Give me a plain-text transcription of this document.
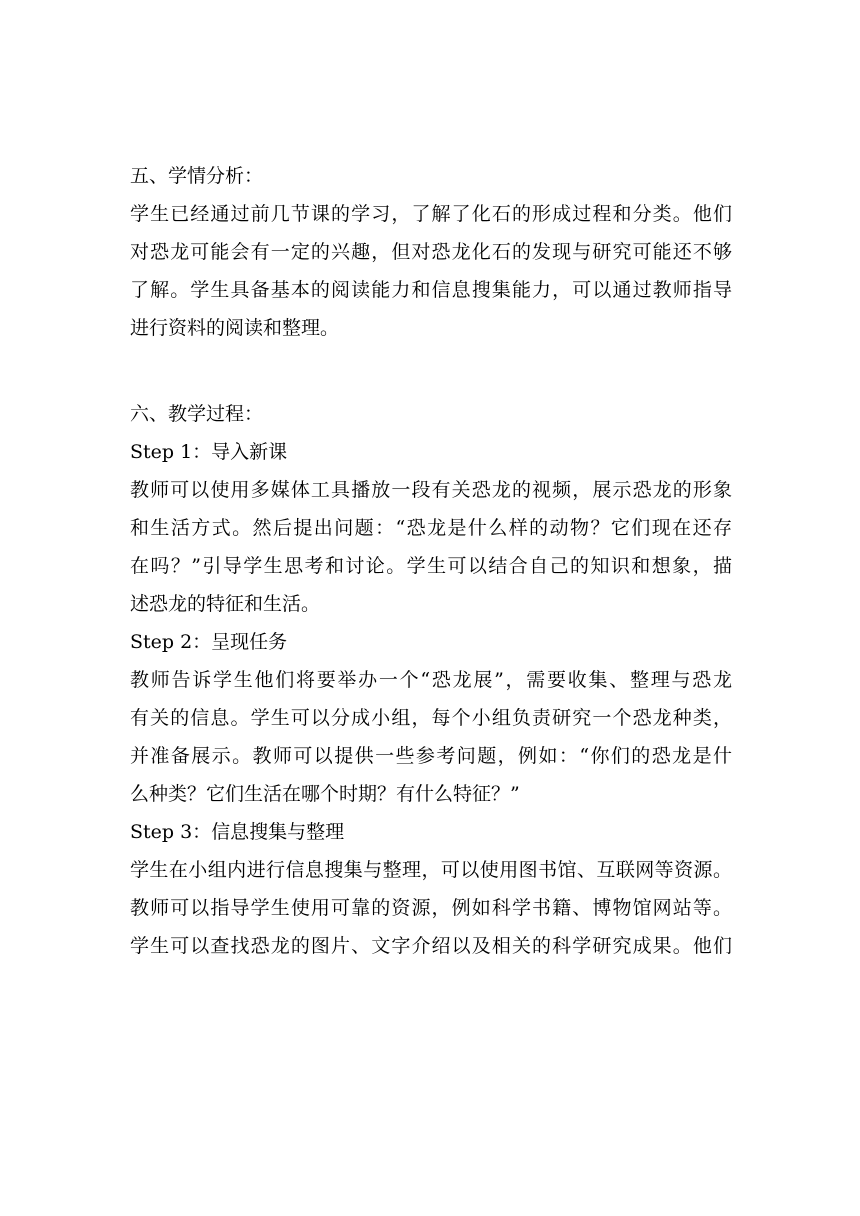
五、学情分析：
学生已经通过前几节课的学习，了解了化石的形成过程和分类。他们
对恐龙可能会有一定的兴趣，但对恐龙化石的发现与研究可能还不够
了解。学生具备基本的阅读能力和信息搜集能力，可以通过教师指导
进行资料的阅读和整理。
六、教学过程：
Step 1：导入新课
教师可以使用多媒体工具播放一段有关恐龙的视频，展示恐龙的形象
和生活方式。然后提出问题：“恐龙是什么样的动物？它们现在还存
在吗？”引导学生思考和讨论。学生可以结合自己的知识和想象，描
述恐龙的特征和生活。
Step 2：呈现任务
教师告诉学生他们将要举办一个“恐龙展”，需要收集、整理与恐龙
有关的信息。学生可以分成小组，每个小组负责研究一个恐龙种类，
并准备展示。教师可以提供一些参考问题，例如：“你们的恐龙是什
么种类？它们生活在哪个时期？有什么特征？”
Step 3：信息搜集与整理
学生在小组内进行信息搜集与整理，可以使用图书馆、互联网等资源。
教师可以指导学生使用可靠的资源，例如科学书籍、博物馆网站等。
学生可以查找恐龙的图片、文字介绍以及相关的科学研究成果。他们
